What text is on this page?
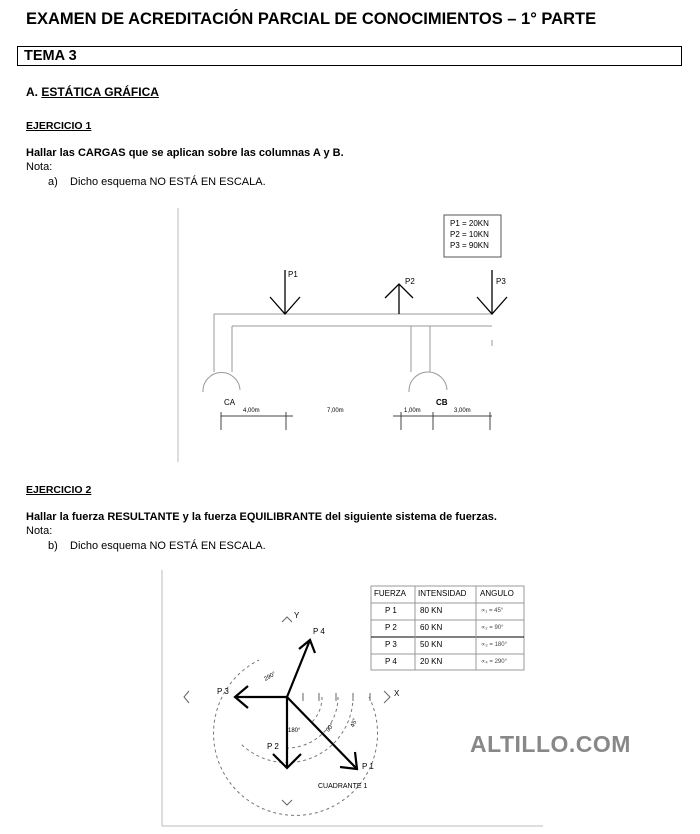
EXAMEN DE ACREDITACIÓN PARCIAL DE CONOCIMIENTOS – 1° PARTE
TEMA 3
A. ESTÁTICA GRÁFICA
EJERCICIO 1
Hallar las CARGAS que se aplican sobre las columnas A y B.
Nota:
a) Dicho esquema NO ESTÁ EN ESCALA.
P1 = 20KN
P2 = 10KN
P3 = 90KN
P1
P2	P3
CA	CB
4,00m	7,00m	1,00m	3,00m
EJERCICIO 2
Hallar la fuerza RESULTANTE y la fuerza EQUILIBRANTE del siguiente sistema de fuerzas.
Nota:
b) Dicho esquema NO ESTÁ EN ESCALA.
FUERZA INTENSIDAD ANGULO
P 1	80 KN	∝₁ = 45°
P 2	60 KN	∝₂ = 90°
P 3	50 KN	∝₃ = 180°
P 4	20 KN	∝₄ = 290°
Y
X
P 4
P 3
P 2
P 1
290°
180°	90° 45°
CUADRANTE 1
ALTILLO.COM
